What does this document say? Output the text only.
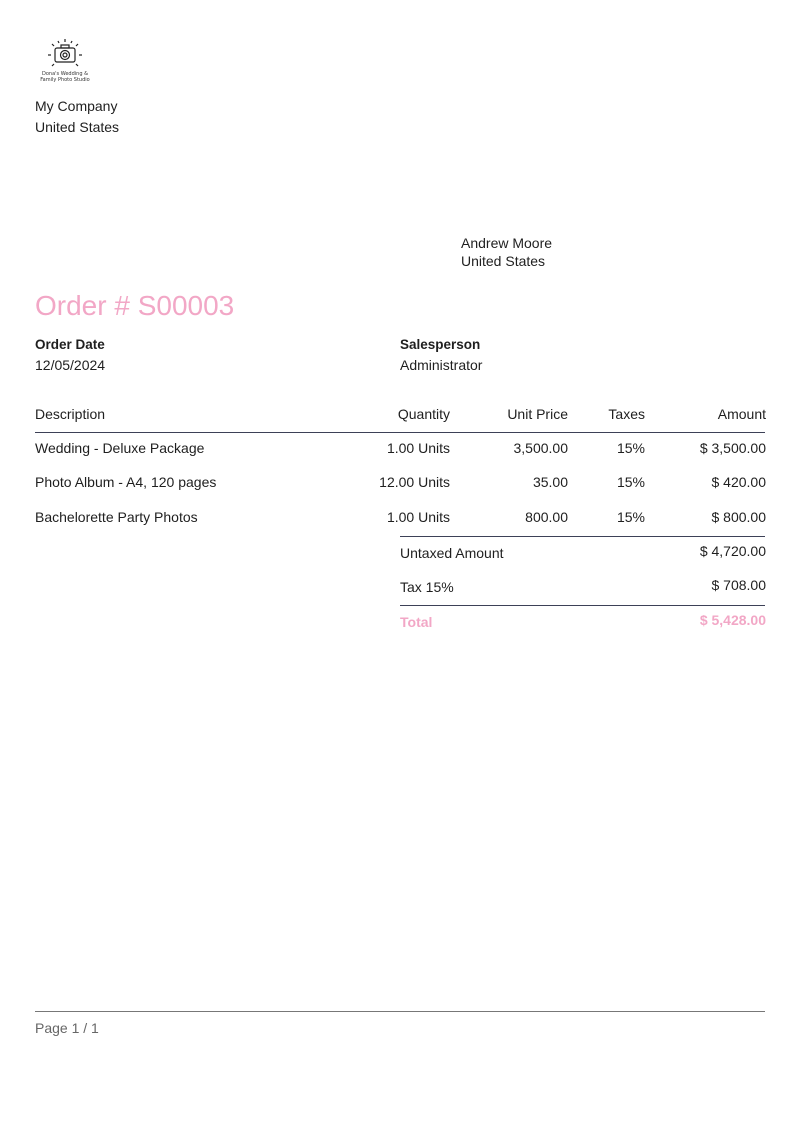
Dona's Wedding & Family Photo Studio
My Company
United States
Andrew Moore
United States
Order # S00003
Order Date
12/05/2024
Salesperson
Administrator
Description	Quantity	Unit Price	Taxes	Amount
Wedding - Deluxe Package	1.00 Units	3,500.00	15%	$ 3,500.00
Photo Album - A4, 120 pages	12.00 Units	35.00	15%	$ 420.00
Bachelorette Party Photos	1.00 Units	800.00	15%	$ 800.00
Untaxed Amount	$ 4,720.00
Tax 15%	$ 708.00
Total	$ 5,428.00
Page 1 / 1
